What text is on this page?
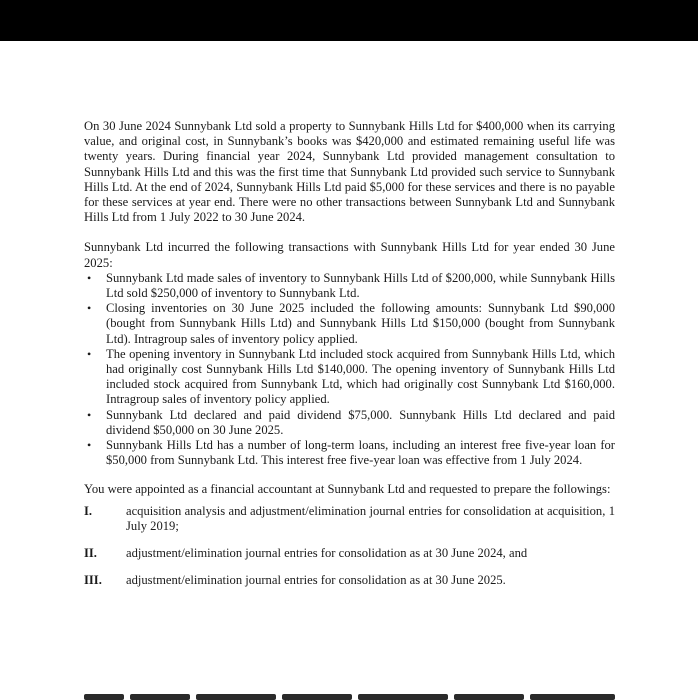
On 30 June 2024 Sunnybank Ltd sold a property to Sunnybank Hills Ltd for $400,000 when its carrying value, and original cost, in Sunnybank’s books was $420,000 and estimated remaining useful life was twenty years. During financial year 2024, Sunnybank Ltd provided management consultation to Sunnybank Hills Ltd and this was the first time that Sunnybank Ltd provided such service to Sunnybank Hills Ltd. At the end of 2024, Sunnybank Hills Ltd paid $5,000 for these services and there is no payable for these services at year end. There were no other transactions between Sunnybank Ltd and Sunnybank Hills Ltd from 1 July 2022 to 30 June 2024.

Sunnybank Ltd incurred the following transactions with Sunnybank Hills Ltd for year ended 30 June 2025:

• Sunnybank Ltd made sales of inventory to Sunnybank Hills Ltd of $200,000, while Sunnybank Hills Ltd sold $250,000 of inventory to Sunnybank Ltd.
• Closing inventories on 30 June 2025 included the following amounts: Sunnybank Ltd $90,000 (bought from Sunnybank Hills Ltd) and Sunnybank Hills Ltd $150,000 (bought from Sunnybank Ltd). Intragroup sales of inventory policy applied.
• The opening inventory in Sunnybank Ltd included stock acquired from Sunnybank Hills Ltd, which had originally cost Sunnybank Hills Ltd $140,000. The opening inventory of Sunnybank Hills Ltd included stock acquired from Sunnybank Ltd, which had originally cost Sunnybank Ltd $160,000. Intragroup sales of inventory policy applied.
• Sunnybank Ltd declared and paid dividend $75,000. Sunnybank Hills Ltd declared and paid dividend $50,000 on 30 June 2025.
• Sunnybank Hills Ltd has a number of long-term loans, including an interest free five-year loan for $50,000 from Sunnybank Ltd. This interest free five-year loan was effective from 1 July 2024.

You were appointed as a financial accountant at Sunnybank Ltd and requested to prepare the followings:

I.	acquisition analysis and adjustment/elimination journal entries for consolidation at acquisition, 1 July 2019;
II. adjustment/elimination journal entries for consolidation as at 30 June 2024, and
III. adjustment/elimination journal entries for consolidation as at 30 June 2025.
